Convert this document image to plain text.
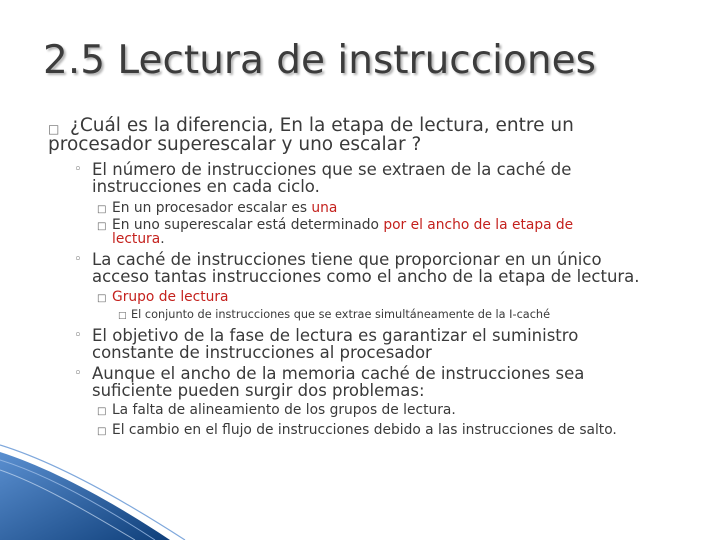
2.5 Lectura de instrucciones
□ ¿Cuál es la diferencia, En la etapa de lectura, entre un
procesador superescalar y uno escalar ?
◦ El número de instrucciones que se extraen de la caché de
instrucciones en cada ciclo.
□ En un procesador escalar es una
□ En uno superescalar está determinado por el ancho de la etapa de
lectura.
◦ La caché de instrucciones tiene que proporcionar en un único
acceso tantas instrucciones como el ancho de la etapa de lectura.
□ Grupo de lectura
□ El conjunto de instrucciones que se extrae simultáneamente de la I-caché
◦ El objetivo de la fase de lectura es garantizar el suministro
constante de instrucciones al procesador
◦ Aunque el ancho de la memoria caché de instrucciones sea
suficiente pueden surgir dos problemas:
□ La falta de alineamiento de los grupos de lectura.
□ El cambio en el flujo de instrucciones debido a las instrucciones de salto.
